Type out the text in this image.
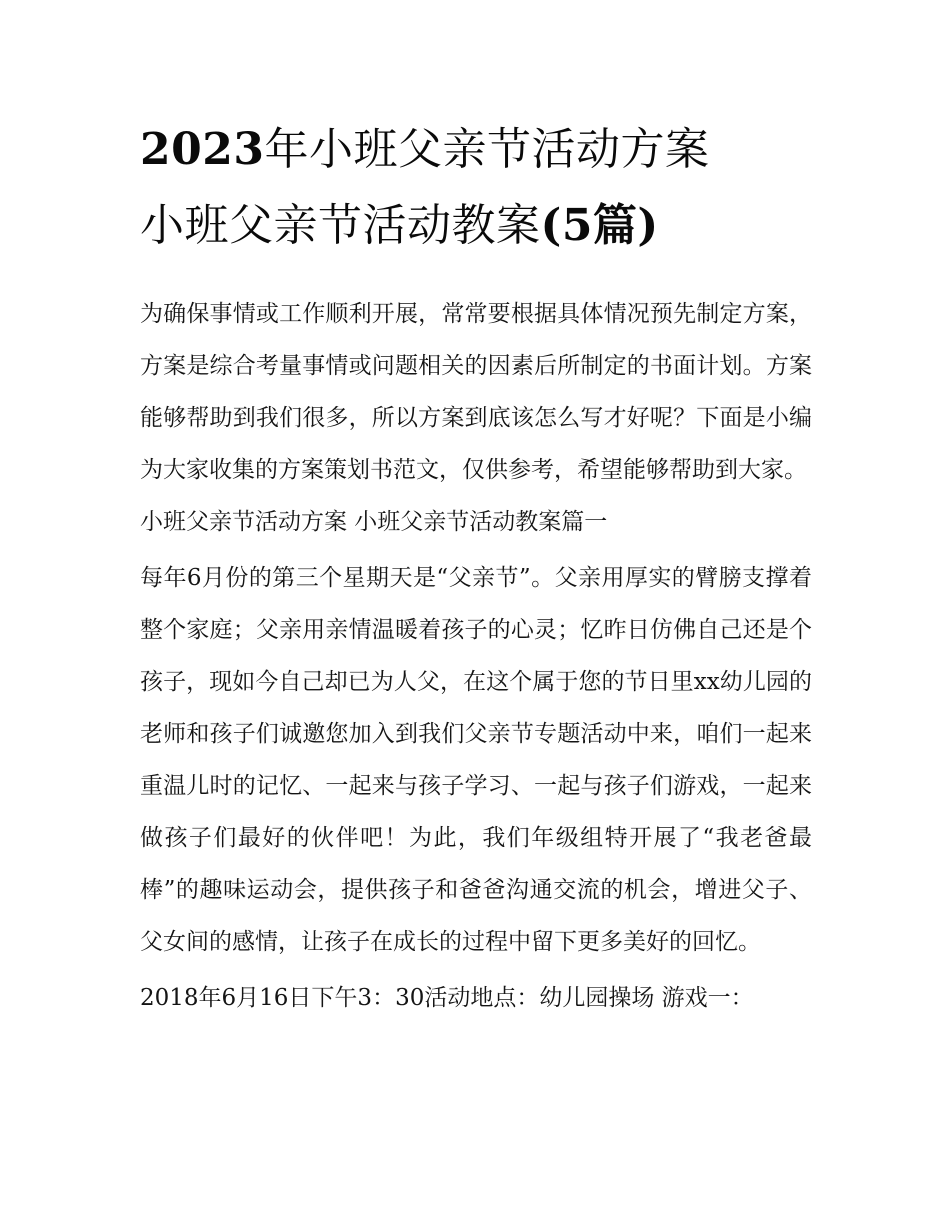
2023年小班父亲节活动方案
小班父亲节活动教案(5篇)

为确保事情或工作顺利开展，常常要根据具体情况预先制定方案，方案是综合考量事情或问题相关的因素后所制定的书面计划。方案能够帮助到我们很多，所以方案到底该怎么写才好呢？下面是小编为大家收集的方案策划书范文，仅供参考，希望能够帮助到大家。

小班父亲节活动方案 小班父亲节活动教案篇一

每年6月份的第三个星期天是“父亲节”。父亲用厚实的臂膀支撑着整个家庭；父亲用亲情温暖着孩子的心灵；忆昨日仿佛自己还是个孩子，现如今自己却已为人父，在这个属于您的节日里xx幼儿园的老师和孩子们诚邀您加入到我们父亲节专题活动中来，咱们一起来重温儿时的记忆、一起来与孩子学习、一起与孩子们游戏，一起来做孩子们最好的伙伴吧！为此，我们年级组特开展了“我老爸最棒”的趣味运动会，提供孩子和爸爸沟通交流的机会，增进父子、父女间的感情，让孩子在成长的过程中留下更多美好的回忆。

2018年6月16日下午3：30活动地点：幼儿园操场 游戏一：
